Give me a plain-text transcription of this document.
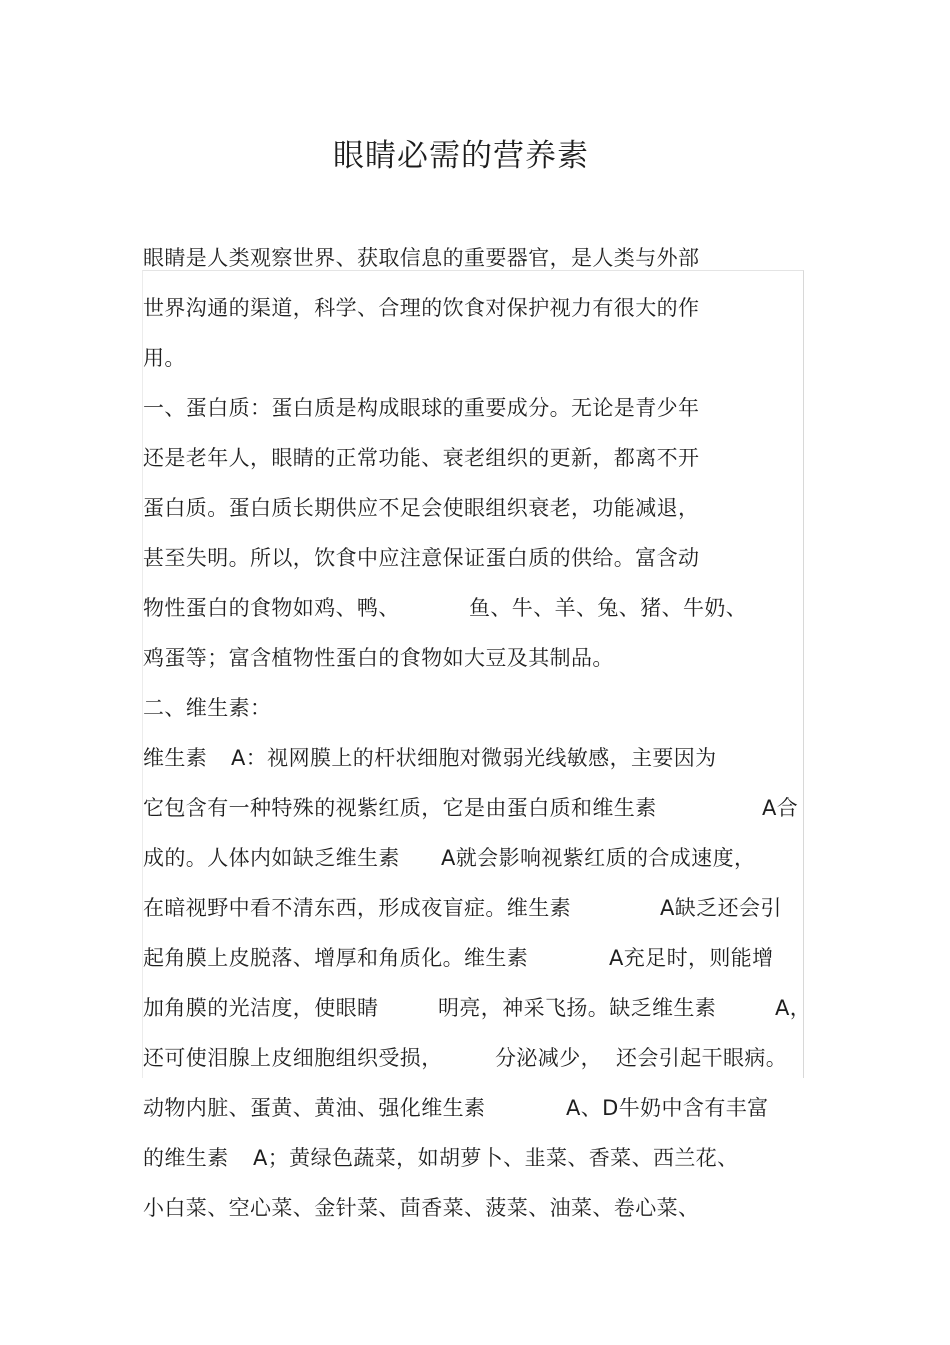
眼睛必需的营养素
眼睛是人类观察世界、获取信息的重要器官，是人类与外部
世界沟通的渠道，科学、合理的饮食对保护视力有很大的作
用。
一、蛋白质：蛋白质是构成眼球的重要成分。无论是青少年
还是老年人，眼睛的正常功能、衰老组织的更新，都离不开
蛋白质。蛋白质长期供应不足会使眼组织衰老，功能减退，
甚至失明。所以，饮食中应注意保证蛋白质的供给。富含动
物性蛋白的食物如鸡、鸭、	鱼、牛、羊、兔、猪、牛奶、
鸡蛋等；富含植物性蛋白的食物如大豆及其制品。
二、维生素：
维生素 A：视网膜上的杆状细胞对微弱光线敏感，主要因为
它包含有一种特殊的视紫红质，它是由蛋白质和维生素	A合
成的。人体内如缺乏维生素 A就会影响视紫红质的合成速度，
在暗视野中看不清东西，形成夜盲症。维生素	A缺乏还会引
起角膜上皮脱落、增厚和角质化。维生素	A充足时，则能增
加角膜的光洁度，使眼睛	明亮，神采飞扬。缺乏维生素	A，
还可使泪腺上皮细胞组织受损， 分泌减少， 还会引起干眼病。
动物内脏、蛋黄、黄油、强化维生素	A、D牛奶中含有丰富
的维生素 A；黄绿色蔬菜，如胡萝卜、韭菜、香菜、西兰花、
小白菜、空心菜、金针菜、茴香菜、菠菜、油菜、卷心菜、
